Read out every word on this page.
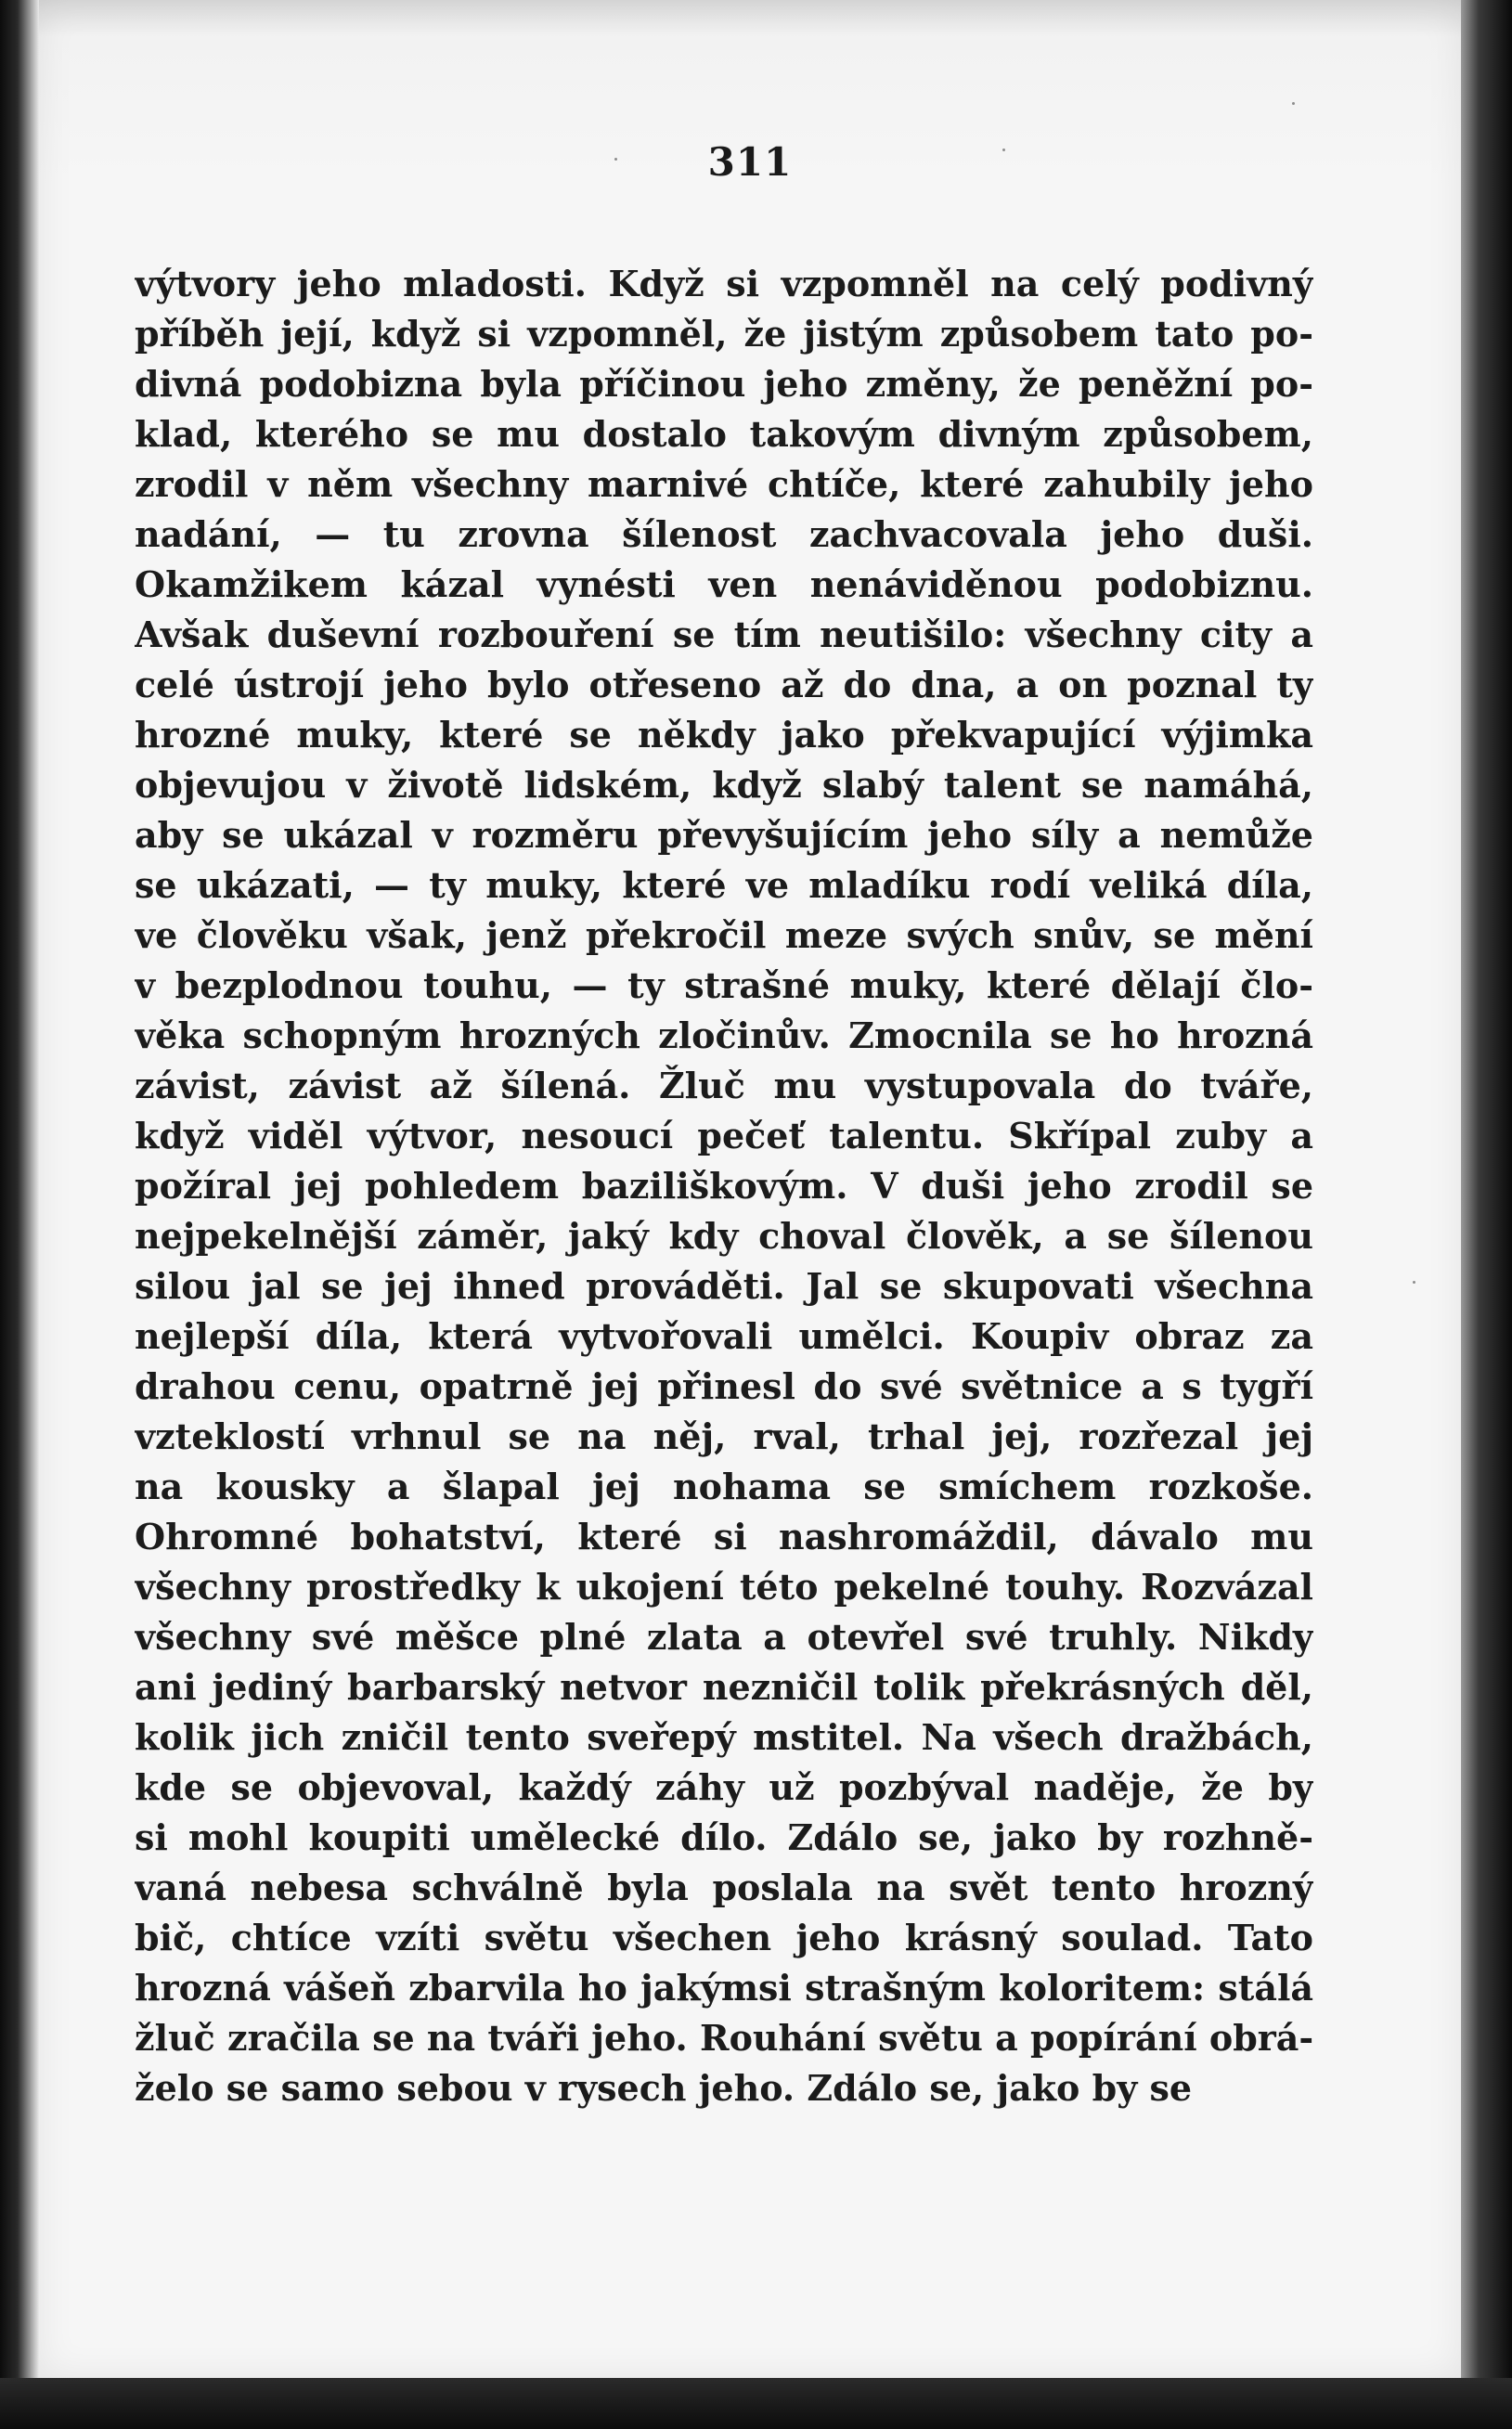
311
výtvory jeho mladosti. Když si vzpomněl na celý podivný
příběh její, když si vzpomněl, že jistým způsobem tato po-
divná podobizna byla příčinou jeho změny, že peněžní po-
klad, kterého se mu dostalo takovým divným způsobem,
zrodil v něm všechny marnivé chtíče, které zahubily jeho
nadání, — tu zrovna šílenost zachvacovala jeho duši.
Okamžikem kázal vynésti ven nenáviděnou podobiznu.
Avšak duševní rozbouření se tím neutišilo: všechny city a
celé ústrojí jeho bylo otřeseno až do dna, a on poznal ty
hrozné muky, které se někdy jako překvapující výjimka
objevujou v životě lidském, když slabý talent se namáhá,
aby se ukázal v rozměru převyšujícím jeho síly a nemůže
se ukázati, — ty muky, které ve mladíku rodí veliká díla,
ve člověku však, jenž překročil meze svých snův, se mění
v bezplodnou touhu, — ty strašné muky, které dělají člo-
věka schopným hrozných zločinův. Zmocnila se ho hrozná
závist, závist až šílená. Žluč mu vystupovala do tváře,
když viděl výtvor, nesoucí pečeť talentu. Skřípal zuby a
požíral jej pohledem baziliškovým. V duši jeho zrodil se
nejpekelnější záměr, jaký kdy choval člověk, a se šílenou
silou jal se jej ihned prováděti. Jal se skupovati všechna
nejlepší díla, která vytvořovali umělci. Koupiv obraz za
drahou cenu, opatrně jej přinesl do své světnice a s tygří
vzteklostí vrhnul se na něj, rval, trhal jej, rozřezal jej
na kousky a šlapal jej nohama se smíchem rozkoše.
Ohromné bohatství, které si nashromáždil, dávalo mu
všechny prostředky k ukojení této pekelné touhy. Rozvázal
všechny své měšce plné zlata a otevřel své truhly. Nikdy
ani jediný barbarský netvor nezničil tolik překrásných děl,
kolik jich zničil tento sveřepý mstitel. Na všech dražbách,
kde se objevoval, každý záhy už pozbýval naděje, že by
si mohl koupiti umělecké dílo. Zdálo se, jako by rozhně-
vaná nebesa schválně byla poslala na svět tento hrozný
bič, chtíce vzíti světu všechen jeho krásný soulad. Tato
hrozná vášeň zbarvila ho jakýmsi strašným koloritem: stálá
žluč zračila se na tváři jeho. Rouhání světu a popírání obrá-
želo se samo sebou v rysech jeho. Zdálo se, jako by se
